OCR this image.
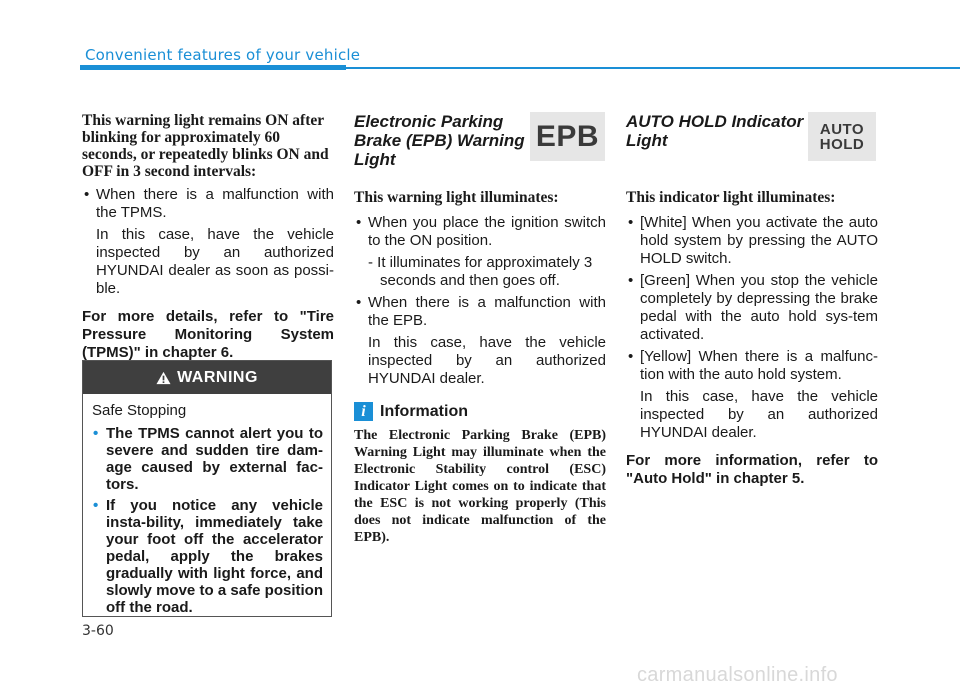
Convenient features of your vehicle
This warning light remains ON after blinking for approximately 60 seconds, or repeatedly blinks ON and OFF in 3 second intervals:
• When there is a malfunction with the TPMS.
In this case, have the vehicle inspected by an authorized HYUNDAI dealer as soon as possi-ble.
For more details, refer to "Tire Pressure Monitoring System (TPMS)" in chapter 6.
WARNING
Safe Stopping
• The TPMS cannot alert you to severe and sudden tire dam-age caused by external fac-tors.
• If you notice any vehicle insta-bility, immediately take your foot off the accelerator pedal, apply the brakes gradually with light force, and slowly move to a safe position off the road.
Electronic Parking Brake (EPB) Warning Light
This warning light illuminates:
• When you place the ignition switch to the ON position.
- It illuminates for approximately 3 seconds and then goes off.
• When there is a malfunction with the EPB.
In this case, have the vehicle inspected by an authorized HYUNDAI dealer.
i Information
The Electronic Parking Brake (EPB) Warning Light may illuminate when the Electronic Stability control (ESC) Indicator Light comes on to indicate that the ESC is not working properly (This does not indicate malfunction of the EPB).
EPB AUTO HOLD Indicator Light
This indicator light illuminates:
• [White] When you activate the auto hold system by pressing the AUTO HOLD switch.
• [Green] When you stop the vehicle completely by depressing the brake pedal with the auto hold sys-tem activated.
• [Yellow] When there is a malfunc-tion with the auto hold system.
In this case, have the vehicle inspected by an authorized HYUNDAI dealer.
For more information, refer to "Auto Hold" in chapter 5.
AUTO
HOLD
3-60
carmanualsonline.info
